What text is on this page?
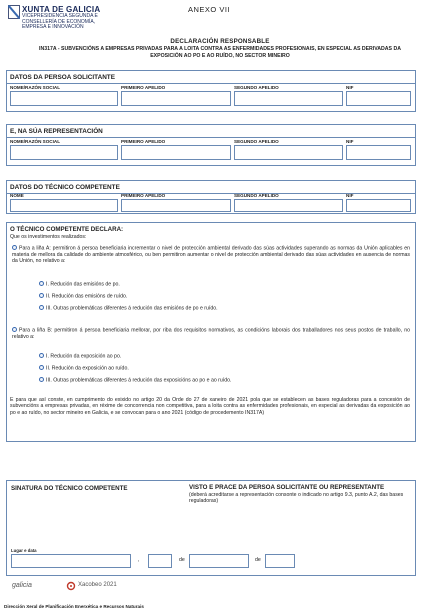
XUNTA DE GALICIA
VICEPRESIDENCIA SEGUNDA E
CONSELLERÍA DE ECONOMÍA,
EMPRESA E INNOVACIÓN
ANEXO VII
DECLARACIÓN RESPONSABLE
IN317A - SUBVENCIÓNS A EMPRESAS PRIVADAS PARA A LOITA CONTRA AS ENFERMIDADES PROFESIONAIS, EN ESPECIAL AS DERIVADAS DA
EXPOSICIÓN AO PO E AO RUÍDO, NO SECTOR MINEIRO
DATOS DA PERSOA SOLICITANTE
NOME/RAZÓN SOCIAL	PRIMEIRO APELIDO	SEGUNDO APELIDO	NIF
E, NA SÚA REPRESENTACIÓN
NOME/RAZÓN SOCIAL	PRIMEIRO APELIDO	SEGUNDO APELIDO	NIF
DATOS DO TÉCNICO COMPETENTE
NOME	PRIMEIRO APELIDO	SEGUNDO APELIDO	NIF
O TÉCNICO COMPETENTE DECLARA:
Que os investimentos realizados:
Para a liña A: permitiron á persoa beneficiaria incrementar o nivel de protección ambiental derivado das súas actividades superando as normas da Unión aplicables en materia de mellora da calidade do ambiente atmosférico, ou ben permitiron aumentar o nivel de protección ambiental derivado das súas actividades en ausencia de normas da Unión, no relativo a:
I. Redución das emisións de po.
II. Redución das emisións de ruído.
III. Outras problemáticas diferentes á redución das emisións de po e ruído.
Para a liña B: permitiron á persoa beneficiaria mellorar, por riba dos requisitos normativos, as condicións laborais dos traballadores nos seus postos de traballo, no relativo a:
I. Redución da exposición ao po.
II. Redución da exposición ao ruído.
III. Outras problemáticas diferentes á redución das exposicións ao po e ao ruído.
E para que así conste, en cumprimento do exixido no artigo 20 da Orde do 27 de xaneiro de 2021 pola que se establecen as bases reguladoras para a concesión de subvencións a empresas privadas, en réxime de concorrencia non competitiva, para a loita contra as enfermidades profesionais, en especial as derivadas da exposición ao po e ao ruído, no sector mineiro en Galicia, e se convocan para o ano 2021 (código de procedemento IN317A)
SINATURA DO TÉCNICO COMPETENTE	VISTO E PRACE DA PERSOA SOLICITANTE OU REPRESENTANTE
(deberá acreditarse a representación consonte o indicado no artigo 9.3, punto A.2, das bases reguladoras)
Lugar e data
,	de	de
galicia	Xacobeo 2021
Dirección Xeral de Planificación Enerxética e Recursos Naturais
